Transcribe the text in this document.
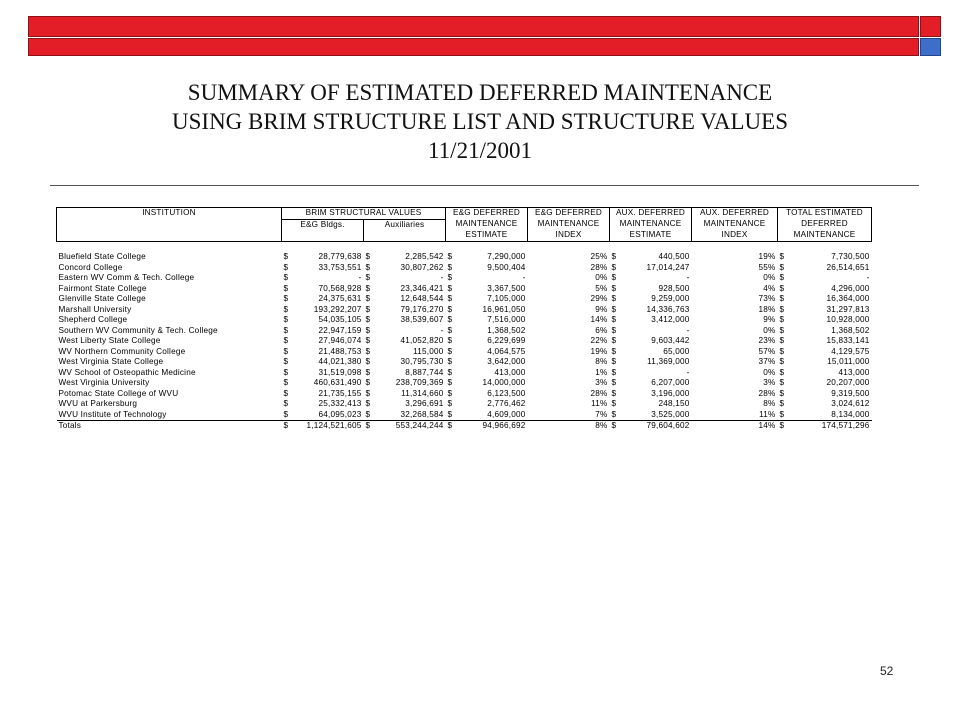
SUMMARY OF ESTIMATED DEFERRED MAINTENANCE
USING BRIM STRUCTURE LIST AND STRUCTURE VALUES
11/21/2001
INSTITUTION	BRIM STRUCTURAL VALUES		E&G DEFERRED	E&G DEFERRED	AUX. DEFERRED	AUX. DEFERRED	TOTAL ESTIMATED
	E&G Bldgs.	Auxiliaries	MAINTENANCE	MAINTENANCE	MAINTENANCE	MAINTENANCE	DEFERRED
			ESTIMATE	INDEX	ESTIMATE	INDEX	MAINTENANCE

Bluefield State College	$ 28,779,638	$ 2,285,542	$ 7,290,000	25%	$ 440,500	19%	$ 7,730,500

Concord College	$ 33,753,551	$ 30,807,262	$ 9,500,404	28%	$ 17,014,247	55%	$ 26,514,651

Eastern WV Comm & Tech. College	$ -	$ -	$ -	0%	$ -	0%	$ -

Fairmont State College	$ 70,568,928	$ 23,346,421	$ 3,367,500	5%	$ 928,500	4%	$ 4,296,000

Glenville State College	$ 24,375,631	$ 12,648,544	$ 7,105,000	29%	$ 9,259,000	73%	$ 16,364,000

Marshall University	$ 193,292,207	$ 79,176,270	$ 16,961,050	9%	$ 14,336,763	18%	$ 31,297,813

Shepherd College	$ 54,035,105	$ 38,539,607	$ 7,516,000	14%	$ 3,412,000	9%	$ 10,928,000

Southern WV Community & Tech. College	$ 22,947,159	$ -	$ 1,368,502	6%	$ -	0%	$ 1,368,502

West Liberty State College	$ 27,946,074	$ 41,052,820	$ 6,229,699	22%	$ 9,603,442	23%	$ 15,833,141

WV Northern Community College	$ 21,488,753	$ 115,000	$ 4,064,575	19%	$ 65,000	57%	$ 4,129,575

West Virginia State College	$ 44,021,380	$ 30,795,730	$ 3,642,000	8%	$ 11,369,000	37%	$ 15,011,000

WV School of Osteopathic Medicine	$ 31,519,098	$ 8,887,744	$ 413,000	1%	$ -	0%	$ 413,000

West Virginia University	$ 460,631,490	$ 238,709,369	$ 14,000,000	3%	$ 6,207,000	3%	$ 20,207,000

Potomac State College of WVU	$ 21,735,155	$ 11,314,660	$ 6,123,500	28%	$ 3,196,000	28%	$ 9,319,500

WVU at Parkersburg	$ 25,332,413	$ 3,296,691	$ 2,776,462	11%	$ 248,150	8%	$ 3,024,612

WVU Institute of Technology	$ 64,095,023	$ 32,268,584	$ 4,609,000	7%	$ 3,525,000	11%	$ 8,134,000

Totals	$ 1,124,521,605	$ 553,244,244	$ 94,966,692	8%	$ 79,604,602	14%	$ 174,571,296
52
